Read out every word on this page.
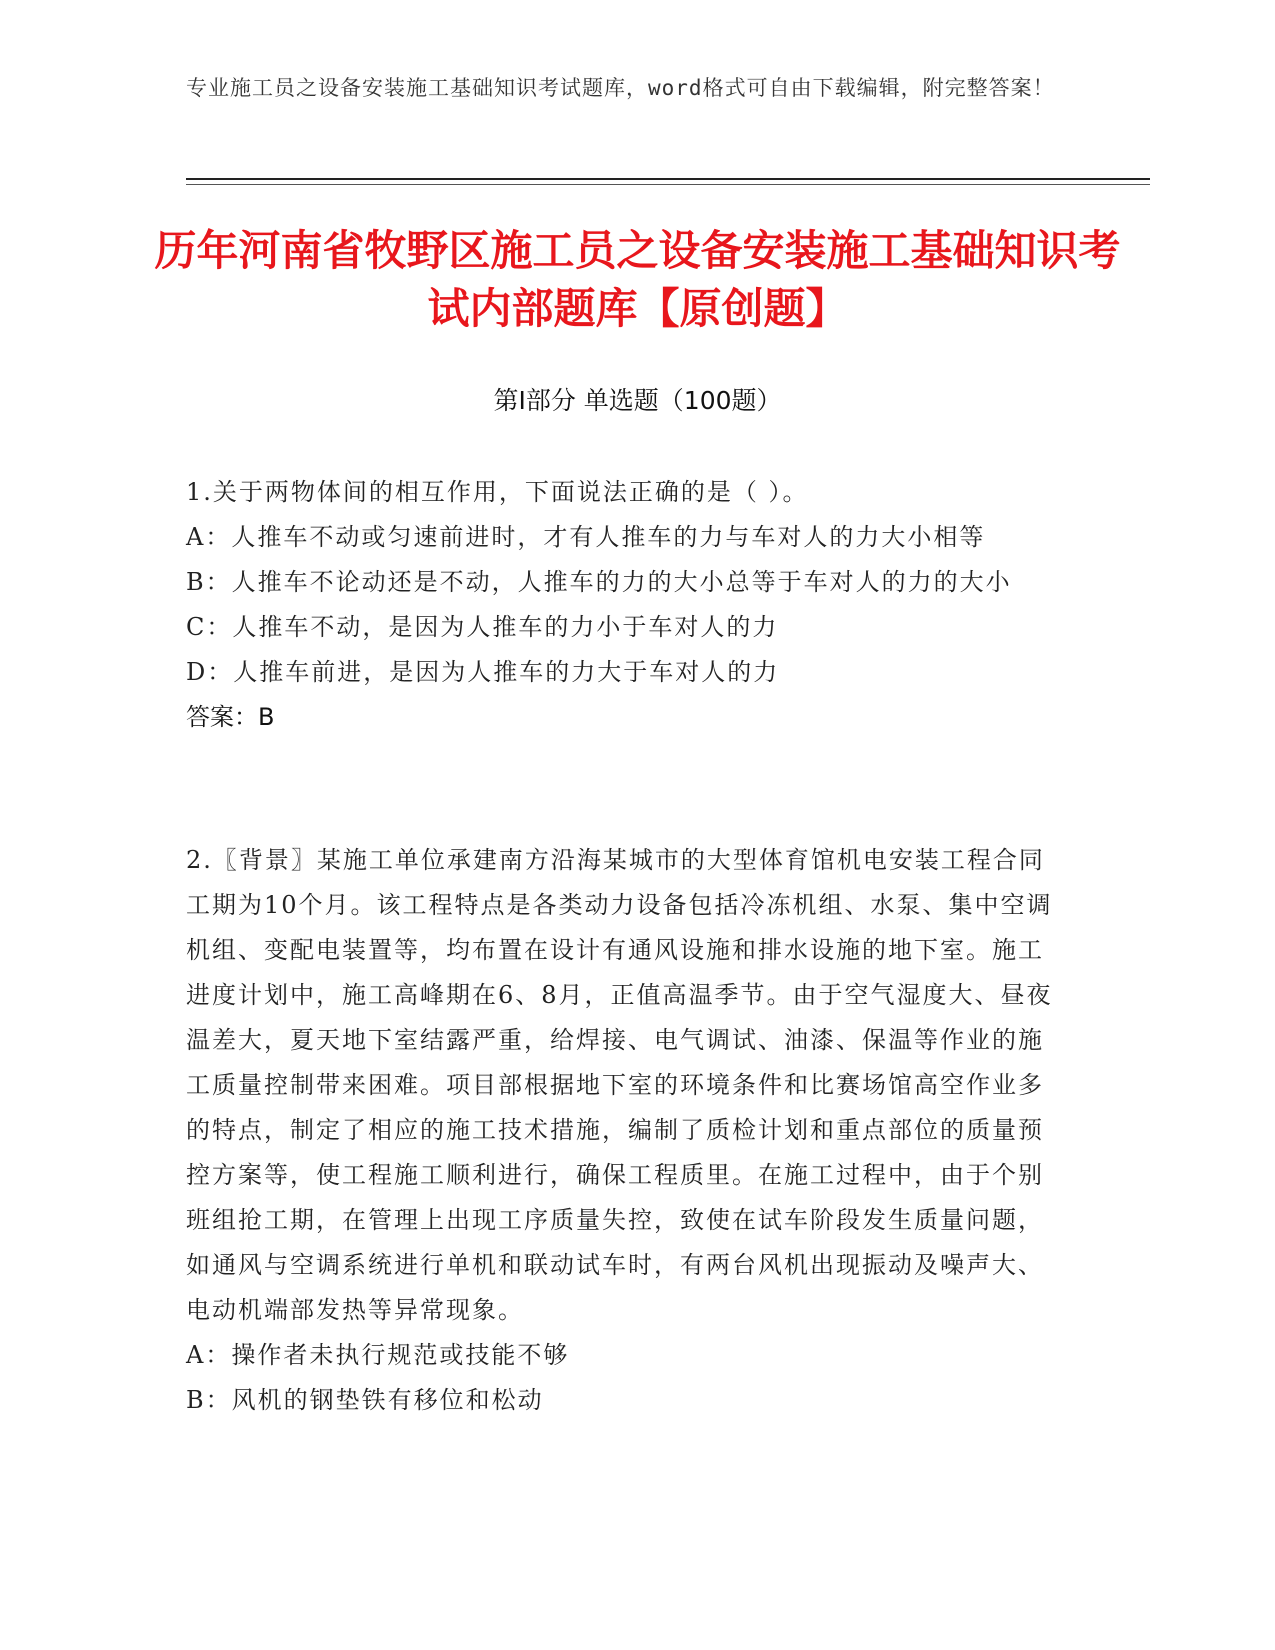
专业施工员之设备安装施工基础知识考试题库，word格式可自由下载编辑，附完整答案！
历年河南省牧野区施工员之设备安装施工基础知识考试内部题库【原创题】
第Ⅰ部分 单选题（100题）

1.关于两物体间的相互作用，下面说法正确的是（ ）。

A：人推车不动或匀速前进时，才有人推车的力与车对人的力大小相等

B：人推车不论动还是不动，人推车的力的大小总等于车对人的力的大小

C：人推车不动，是因为人推车的力小于车对人的力

D：人推车前进，是因为人推车的力大于车对人的力

答案：B

2.〖背景〗某施工单位承建南方沿海某城市的大型体育馆机电安装工程合同工期为10个月。该工程特点是各类动力设备包括冷冻机组、水泵、集中空调机组、变配电装置等，均布置在设计有通风设施和排水设施的地下室。施工进度计划中，施工高峰期在6、8月，正值高温季节。由于空气湿度大、昼夜温差大，夏天地下室结露严重，给焊接、电气调试、油漆、保温等作业的施工质量控制带来困难。项目部根据地下室的环境条件和比赛场馆高空作业多的特点，制定了相应的施工技术措施，编制了质检计划和重点部位的质量预控方案等，使工程施工顺利进行，确保工程质里。在施工过程中，由于个别班组抢工期，在管理上出现工序质量失控，致使在试车阶段发生质量问题，如通风与空调系统进行单机和联动试车时，有两台风机出现振动及噪声大、电动机端部发热等异常现象。

A：操作者未执行规范或技能不够

B：风机的钢垫铁有移位和松动
